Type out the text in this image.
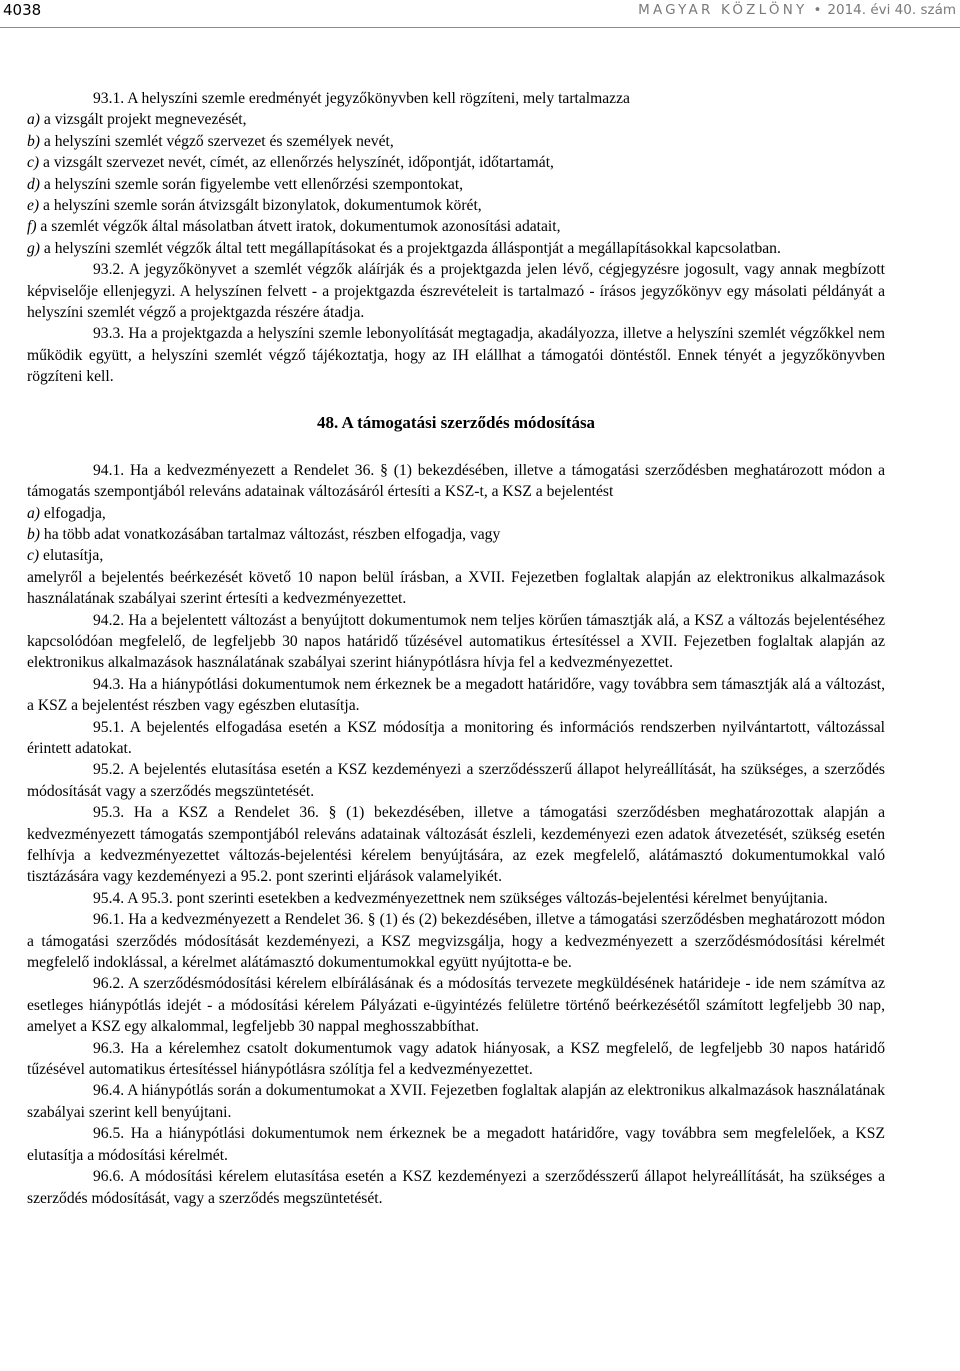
4038	MAGYAR KÖZLÖNY • 2014. évi 40. szám

93.1. A helyszíni szemle eredményét jegyzőkönyvben kell rögzíteni, mely tartalmazza

a) a vizsgált projekt megnevezését,

b) a helyszíni szemlét végző szervezet és személyek nevét,

c) a vizsgált szervezet nevét, címét, az ellenőrzés helyszínét, időpontját, időtartamát,

d) a helyszíni szemle során figyelembe vett ellenőrzési szempontokat,

e) a helyszíni szemle során átvizsgált bizonylatok, dokumentumok körét,

f) a szemlét végzők által másolatban átvett iratok, dokumentumok azonosítási adatait,

g) a helyszíni szemlét végzők által tett megállapításokat és a projektgazda álláspontját a megállapításokkal kapcsolatban.

93.2. A jegyzőkönyvet a szemlét végzők aláírják és a projektgazda jelen lévő, cégjegyzésre jogosult, vagy annak megbízott képviselője ellenjegyzi. A helyszínen felvett - a projektgazda észrevételeit is tartalmazó - írásos jegyzőkönyv egy másolati példányát a helyszíni szemlét végző a projektgazda részére átadja.

93.3. Ha a projektgazda a helyszíni szemle lebonyolítását megtagadja, akadályozza, illetve a helyszíni szemlét végzőkkel nem működik együtt, a helyszíni szemlét végző tájékoztatja, hogy az IH elállhat a támogatói döntéstől. Ennek tényét a jegyzőkönyvben rögzíteni kell.

48. A támogatási szerződés módosítása

94.1. Ha a kedvezményezett a Rendelet 36. § (1) bekezdésében, illetve a támogatási szerződésben meghatározott módon a támogatás szempontjából releváns adatainak változásáról értesíti a KSZ-t, a KSZ a bejelentést

a) elfogadja,

b) ha több adat vonatkozásában tartalmaz változást, részben elfogadja, vagy

c) elutasítja,

amelyről a bejelentés beérkezését követő 10 napon belül írásban, a XVII. Fejezetben foglaltak alapján az elektronikus alkalmazások használatának szabályai szerint értesíti a kedvezményezettet.

94.2. Ha a bejelentett változást a benyújtott dokumentumok nem teljes körűen támasztják alá, a KSZ a változás bejelentéséhez kapcsolódóan megfelelő, de legfeljebb 30 napos határidő tűzésével automatikus értesítéssel a XVII. Fejezetben foglaltak alapján az elektronikus alkalmazások használatának szabályai szerint hiánypótlásra hívja fel a kedvezményezettet.

94.3. Ha a hiánypótlási dokumentumok nem érkeznek be a megadott határidőre, vagy továbbra sem támasztják alá a változást, a KSZ a bejelentést részben vagy egészben elutasítja.

95.1. A bejelentés elfogadása esetén a KSZ módosítja a monitoring és információs rendszerben nyilvántartott, változással érintett adatokat.

95.2. A bejelentés elutasítása esetén a KSZ kezdeményezi a szerződésszerű állapot helyreállítását, ha szükséges, a szerződés módosítását vagy a szerződés megszüntetését.

95.3. Ha a KSZ a Rendelet 36. § (1) bekezdésében, illetve a támogatási szerződésben meghatározottak alapján a kedvezményezett támogatás szempontjából releváns adatainak változását észleli, kezdeményezi ezen adatok átvezetését, szükség esetén felhívja a kedvezményezettet változás-bejelentési kérelem benyújtására, az ezek megfelelő, alátámasztó dokumentumokkal való tisztázására vagy kezdeményezi a 95.2. pont szerinti eljárások valamelyikét.

95.4. A 95.3. pont szerinti esetekben a kedvezményezettnek nem szükséges változás-bejelentési kérelmet benyújtania.

96.1. Ha a kedvezményezett a Rendelet 36. § (1) és (2) bekezdésében, illetve a támogatási szerződésben meghatározott módon a támogatási szerződés módosítását kezdeményezi, a KSZ megvizsgálja, hogy a kedvezményezett a szerződésmódosítási kérelmét megfelelő indoklással, a kérelmet alátámasztó dokumentumokkal együtt nyújtotta-e be.

96.2. A szerződésmódosítási kérelem elbírálásának és a módosítás tervezete megküldésének határideje - ide nem számítva az esetleges hiánypótlás idejét - a módosítási kérelem Pályázati e-ügyintézés felületre történő beérkezésétől számított legfeljebb 30 nap, amelyet a KSZ egy alkalommal, legfeljebb 30 nappal meghosszabbíthat.

96.3. Ha a kérelemhez csatolt dokumentumok vagy adatok hiányosak, a KSZ megfelelő, de legfeljebb 30 napos határidő tűzésével automatikus értesítéssel hiánypótlásra szólítja fel a kedvezményezettet.

96.4. A hiánypótlás során a dokumentumokat a XVII. Fejezetben foglaltak alapján az elektronikus alkalmazások használatának szabályai szerint kell benyújtani.

96.5. Ha a hiánypótlási dokumentumok nem érkeznek be a megadott határidőre, vagy továbbra sem megfelelőek, a KSZ elutasítja a módosítási kérelmét.

96.6. A módosítási kérelem elutasítása esetén a KSZ kezdeményezi a szerződésszerű állapot helyreállítását, ha szükséges a szerződés módosítását, vagy a szerződés megszüntetését.
